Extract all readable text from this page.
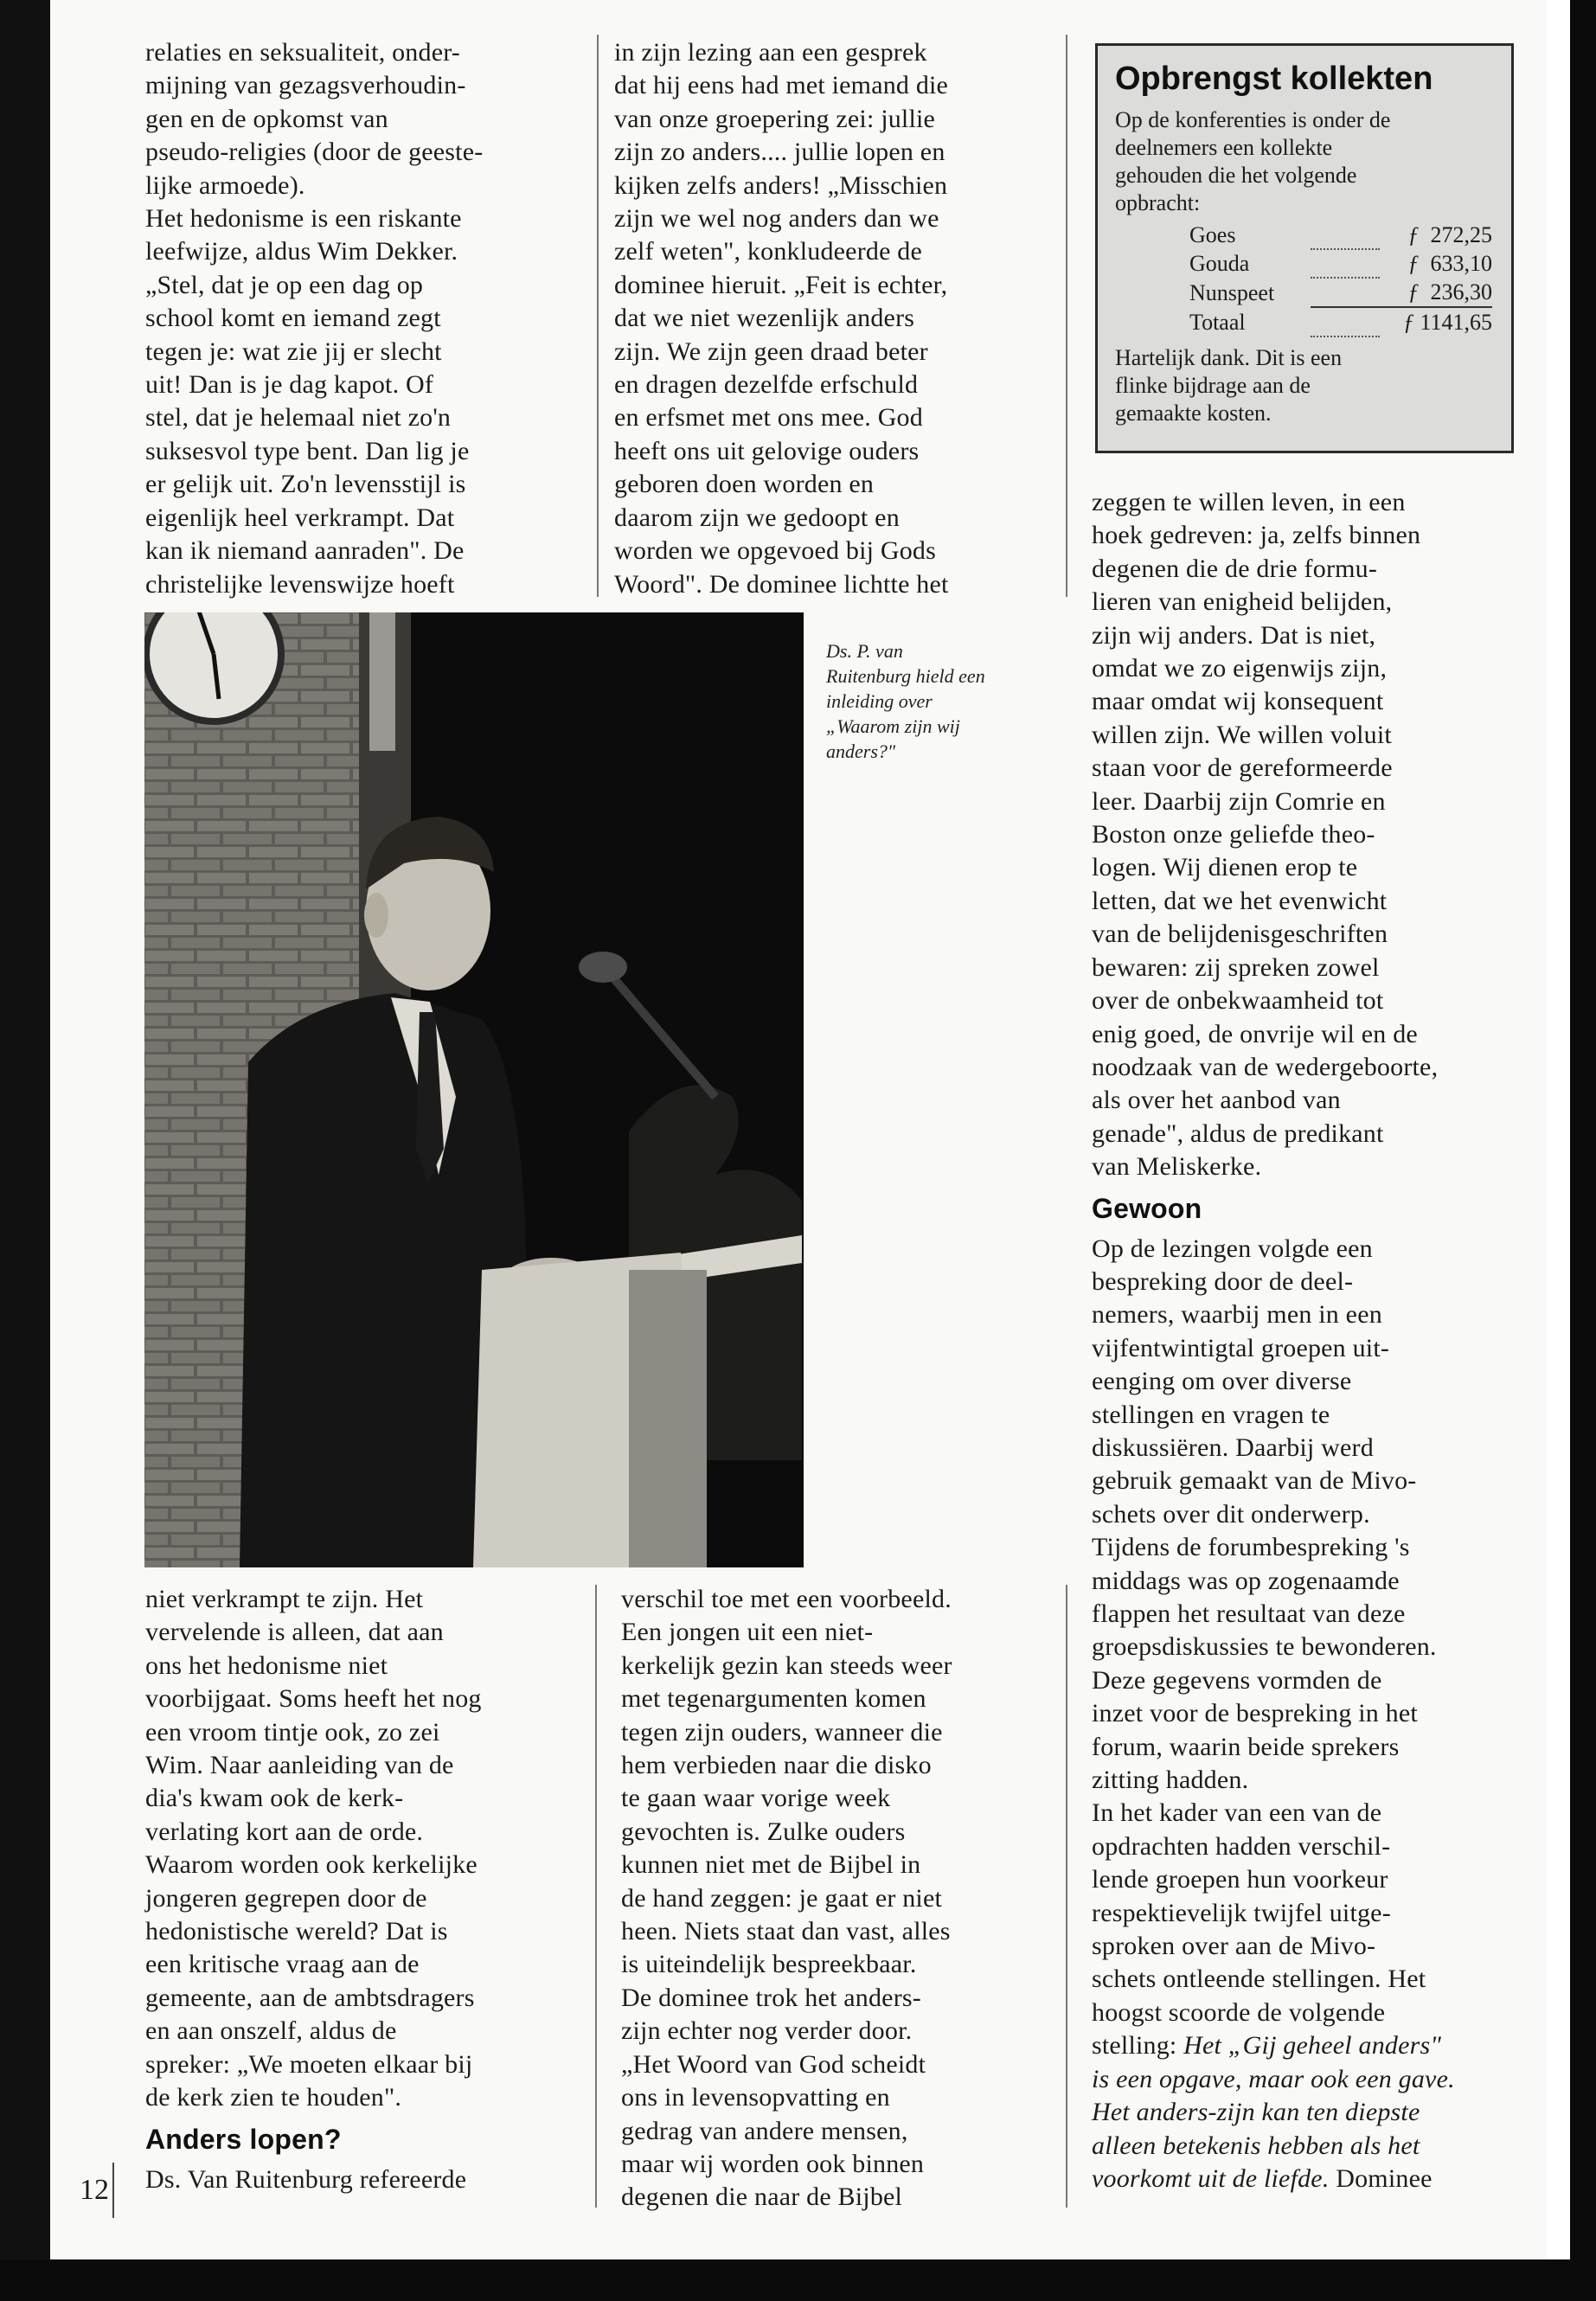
relaties en seksualiteit, onder-
mijning van gezagsverhoudin-
gen en de opkomst van
pseudo-religies (door de geeste-
lijke armoede).
Het hedonisme is een riskante
leefwijze, aldus Wim Dekker.
„Stel, dat je op een dag op
school komt en iemand zegt
tegen je: wat zie jij er slecht
uit! Dan is je dag kapot. Of
stel, dat je helemaal niet zo'n
suksesvol type bent. Dan lig je
er gelijk uit. Zo'n levensstijl is
eigenlijk heel verkrampt. Dat
kan ik niemand aanraden". De
christelijke levenswijze hoeft

in zijn lezing aan een gesprek
dat hij eens had met iemand die
van onze groepering zei: jullie
zijn zo anders.... jullie lopen en
kijken zelfs anders! „Misschien
zijn we wel nog anders dan we
zelf weten", konkludeerde de
dominee hieruit. „Feit is echter,
dat we niet wezenlijk anders
zijn. We zijn geen draad beter
en dragen dezelfde erfschuld
en erfsmet met ons mee. God
heeft ons uit gelovige ouders
geboren doen worden en
daarom zijn we gedoopt en
worden we opgevoed bij Gods
Woord". De dominee lichtte het

Opbrengst kollekten
Op de konferenties is onder de
deelnemers een kollekte
gehouden die het volgende
opbracht:
Goes		ƒ 272,25
Gouda		ƒ 633,10
Nunspeet		ƒ 236,30
Totaal		ƒ 1141,65
Hartelijk dank. Dit is een
flinke bijdrage aan de
gemaakte kosten.

zeggen te willen leven, in een
hoek gedreven: ja, zelfs binnen
degenen die de drie formu-
lieren van enigheid belijden,
zijn wij anders. Dat is niet,
omdat we zo eigenwijs zijn,
maar omdat wij konsequent
willen zijn. We willen voluit
staan voor de gereformeerde
leer. Daarbij zijn Comrie en
Boston onze geliefde theo-
logen. Wij dienen erop te
letten, dat we het evenwicht
van de belijdenisgeschriften
bewaren: zij spreken zowel
over de onbekwaamheid tot
enig goed, de onvrije wil en de
noodzaak van de wedergeboorte,
als over het aanbod van
genade", aldus de predikant
van Meliskerke.

Gewoon

Op de lezingen volgde een
bespreking door de deel-
nemers, waarbij men in een
vijfentwintigtal groepen uit-
eenging om over diverse
stellingen en vragen te
diskussiëren. Daarbij werd
gebruik gemaakt van de Mivo-
schets over dit onderwerp.
Tijdens de forumbespreking 's
middags was op zogenaamde
flappen het resultaat van deze
groepsdiskussies te bewonderen.
Deze gegevens vormden de
inzet voor de bespreking in het
forum, waarin beide sprekers
zitting hadden.
In het kader van een van de
opdrachten hadden verschil-
lende groepen hun voorkeur
respektievelijk twijfel uitge-
sproken over aan de Mivo-
schets ontleende stellingen. Het
hoogst scoorde de volgende
stelling: Het „Gij geheel anders"
is een opgave, maar ook een gave.
Het anders-zijn kan ten diepste
alleen betekenis hebben als het
voorkomt uit de liefde. Dominee

Ds. P. van
Ruitenburg hield een
inleiding over
„Waarom zijn wij
anders?"

niet verkrampt te zijn. Het
vervelende is alleen, dat aan
ons het hedonisme niet
voorbijgaat. Soms heeft het nog
een vroom tintje ook, zo zei
Wim. Naar aanleiding van de
dia's kwam ook de kerk-
verlating kort aan de orde.
Waarom worden ook kerkelijke
jongeren gegrepen door de
hedonistische wereld? Dat is
een kritische vraag aan de
gemeente, aan de ambtsdragers
en aan onszelf, aldus de
spreker: „We moeten elkaar bij
de kerk zien te houden".

Anders lopen?

Ds. Van Ruitenburg refereerde

verschil toe met een voorbeeld.
Een jongen uit een niet-
kerkelijk gezin kan steeds weer
met tegenargumenten komen
tegen zijn ouders, wanneer die
hem verbieden naar die disko
te gaan waar vorige week
gevochten is. Zulke ouders
kunnen niet met de Bijbel in
de hand zeggen: je gaat er niet
heen. Niets staat dan vast, alles
is uiteindelijk bespreekbaar.
De dominee trok het anders-
zijn echter nog verder door.
„Het Woord van God scheidt
ons in levensopvatting en
gedrag van andere mensen,
maar wij worden ook binnen
degenen die naar de Bijbel

12
